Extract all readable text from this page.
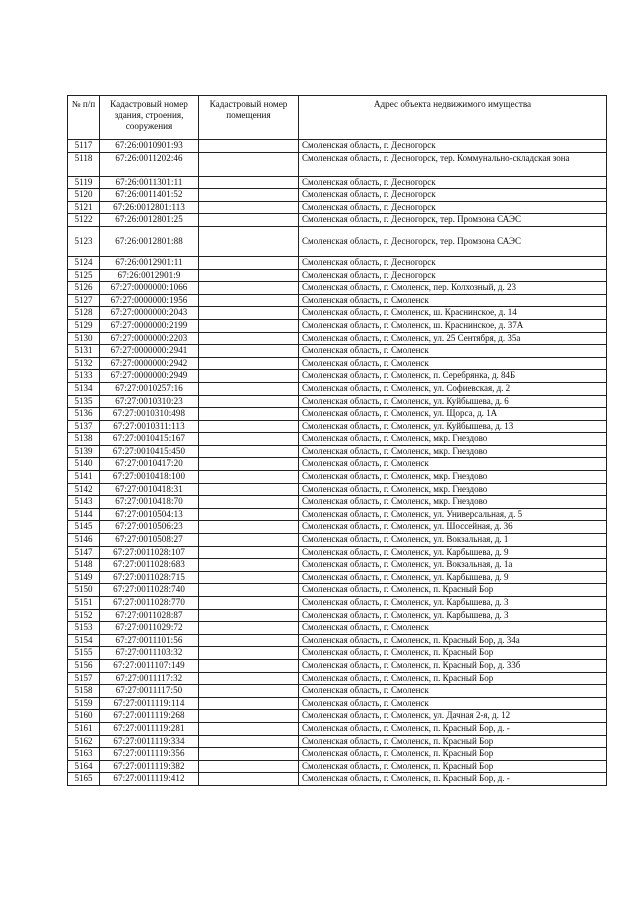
№ п/п	Кадастровый номер здания, строения, сооружения	Кадастровый номер помещения	Адрес объекта недвижимого имущества
5117	67:26:0010901:93		Смоленская область, г. Десногорск
5118	67:26:0011202:46		Смоленская область, г. Десногорск, тер. Коммунально-складская зона
5119	67:26:0011301:11		Смоленская область, г. Десногорск
5120	67:26:0011401:52		Смоленская область, г. Десногорск
5121	67:26:0012801:113		Смоленская область, г. Десногорск
5122	67:26:0012801:25		Смоленская область, г. Десногорск, тер. Промзона САЭС
5123	67:26:0012801:88		Смоленская область, г. Десногорск, тер. Промзона САЭС
5124	67:26:0012901:11		Смоленская область, г. Десногорск
5125	67:26:0012901:9		Смоленская область, г. Десногорск
5126	67:27:0000000:1066		Смоленская область, г. Смоленск, пер. Колхозный, д. 23
5127	67:27:0000000:1956		Смоленская область, г. Смоленск
5128	67:27:0000000:2043		Смоленская область, г. Смоленск, ш. Краснинское, д. 14
5129	67:27:0000000:2199		Смоленская область, г. Смоленск, ш. Краснинское, д. 37А
5130	67:27:0000000:2203		Смоленская область, г. Смоленск, ул. 25 Сентября, д. 35а
5131	67:27:0000000:2941		Смоленская область, г. Смоленск
5132	67:27:0000000:2942		Смоленская область, г. Смоленск
5133	67:27:0000000:2949		Смоленская область, г. Смоленск, п. Серебрянка, д. 84Б
5134	67:27:0010257:16		Смоленская область, г. Смоленск, ул. Софиевская, д. 2
5135	67:27:0010310:23		Смоленская область, г. Смоленск, ул. Куйбышева, д. 6
5136	67:27:0010310:498		Смоленская область, г. Смоленск, ул. Щорса, д. 1А
5137	67:27:0010311:113		Смоленская область, г. Смоленск, ул. Куйбышева, д. 13
5138	67:27:0010415:167		Смоленская область, г. Смоленск, мкр. Гнездово
5139	67:27:0010415:450		Смоленская область, г. Смоленск, мкр. Гнездово
5140	67:27:0010417:20		Смоленская область, г. Смоленск
5141	67:27:0010418:100		Смоленская область, г. Смоленск, мкр. Гнездово
5142	67:27:0010418:31		Смоленская область, г. Смоленск, мкр. Гнездово
5143	67:27:0010418:70		Смоленская область, г. Смоленск, мкр. Гнездово
5144	67:27:0010504:13		Смоленская область, г. Смоленск, ул. Универсальная, д. 5
5145	67:27:0010506:23		Смоленская область, г. Смоленск, ул. Шоссейная, д. 36
5146	67:27:0010508:27		Смоленская область, г. Смоленск, ул. Вокзальная, д. 1
5147	67:27:0011028:107		Смоленская область, г. Смоленск, ул. Карбышева, д. 9
5148	67:27:0011028:683		Смоленская область, г. Смоленск, ул. Вокзальная, д. 1а
5149	67:27:0011028:715		Смоленская область, г. Смоленск, ул. Карбышева, д. 9
5150	67:27:0011028:740		Смоленская область, г. Смоленск, п. Красный Бор
5151	67:27:0011028:770		Смоленская область, г. Смоленск, ул. Карбышева, д. 3
5152	67:27:0011028:87		Смоленская область, г. Смоленск, ул. Карбышева, д. 3
5153	67:27:0011029:72		Смоленская область, г. Смоленск
5154	67:27:0011101:56		Смоленская область, г. Смоленск, п. Красный Бор, д. 34а
5155	67:27:0011103:32		Смоленская область, г. Смоленск, п. Красный Бор
5156	67:27:0011107:149		Смоленская область, г. Смоленск, п. Красный Бор, д. 33б
5157	67:27:0011117:32		Смоленская область, г. Смоленск, п. Красный Бор
5158	67:27:0011117:50		Смоленская область, г. Смоленск
5159	67:27:0011119:114		Смоленская область, г. Смоленск
5160	67:27:0011119:268		Смоленская область, г. Смоленск, ул. Дачная 2-я, д. 12
5161	67:27:0011119:281		Смоленская область, г. Смоленск, п. Красный Бор, д. -
5162	67:27:0011119:334		Смоленская область, г. Смоленск, п. Красный Бор
5163	67:27:0011119:356		Смоленская область, г. Смоленск, п. Красный Бор
5164	67:27:0011119:382		Смоленская область, г. Смоленск, п. Красный Бор
5165	67:27:0011119:412		Смоленская область, г. Смоленск, п. Красный Бор, д. -
